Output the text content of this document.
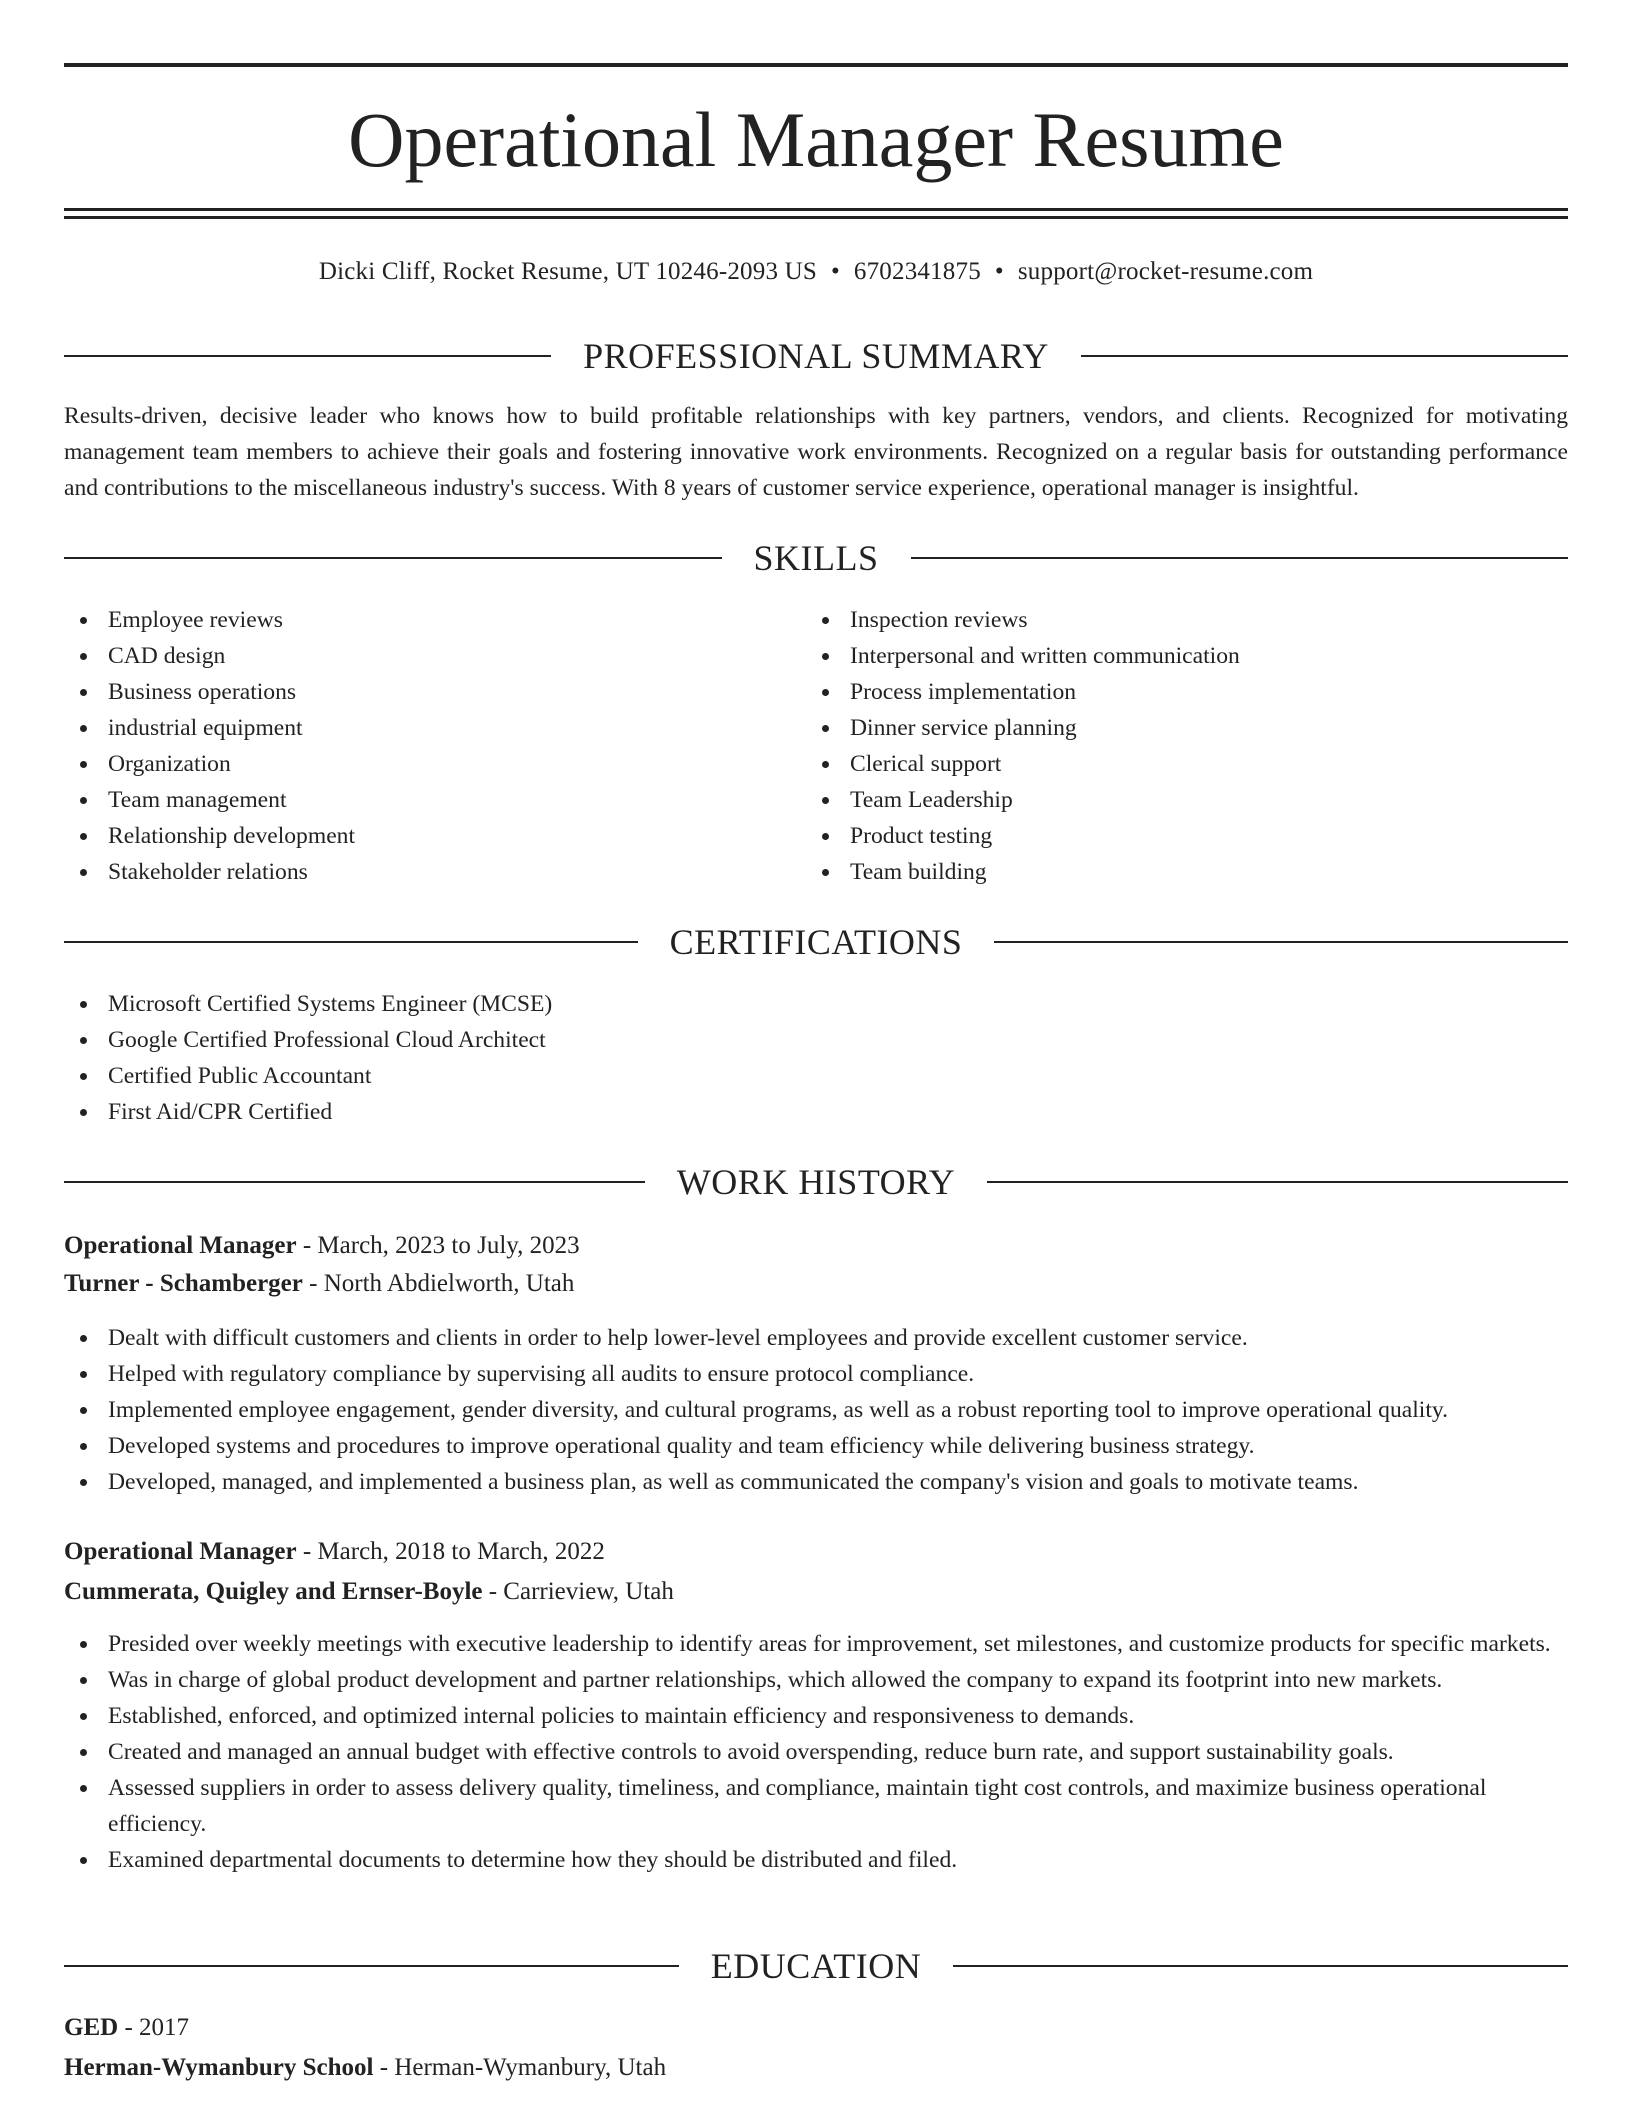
Operational Manager Resume
Dicki Cliff, Rocket Resume, UT 10246-2093 US • 6702341875 • support@rocket-resume.com
PROFESSIONAL SUMMARY
Results-driven, decisive leader who knows how to build profitable relationships with key partners, vendors, and clients. Recognized for motivating management team members to achieve their goals and fostering innovative work environments. Recognized on a regular basis for outstanding performance and contributions to the miscellaneous industry's success. With 8 years of customer service experience, operational manager is insightful.
SKILLS
Employee reviews
CAD design
Business operations
industrial equipment
Organization
Team management
Relationship development
Stakeholder relations
Inspection reviews
Interpersonal and written communication
Process implementation
Dinner service planning
Clerical support
Team Leadership
Product testing
Team building
CERTIFICATIONS
Microsoft Certified Systems Engineer (MCSE)
Google Certified Professional Cloud Architect
Certified Public Accountant
First Aid/CPR Certified
WORK HISTORY
Operational Manager - March, 2023 to July, 2023
Turner - Schamberger - North Abdielworth, Utah
Dealt with difficult customers and clients in order to help lower-level employees and provide excellent customer service.
Helped with regulatory compliance by supervising all audits to ensure protocol compliance.
Implemented employee engagement, gender diversity, and cultural programs, as well as a robust reporting tool to improve operational quality.
Developed systems and procedures to improve operational quality and team efficiency while delivering business strategy.
Developed, managed, and implemented a business plan, as well as communicated the company's vision and goals to motivate teams.
Operational Manager - March, 2018 to March, 2022
Cummerata, Quigley and Ernser-Boyle - Carrieview, Utah
Presided over weekly meetings with executive leadership to identify areas for improvement, set milestones, and customize products for specific markets.
Was in charge of global product development and partner relationships, which allowed the company to expand its footprint into new markets.
Established, enforced, and optimized internal policies to maintain efficiency and responsiveness to demands.
Created and managed an annual budget with effective controls to avoid overspending, reduce burn rate, and support sustainability goals.
Assessed suppliers in order to assess delivery quality, timeliness, and compliance, maintain tight cost controls, and maximize business operational efficiency.
Examined departmental documents to determine how they should be distributed and filed.
EDUCATION
GED - 2017
Herman-Wymanbury School - Herman-Wymanbury, Utah
